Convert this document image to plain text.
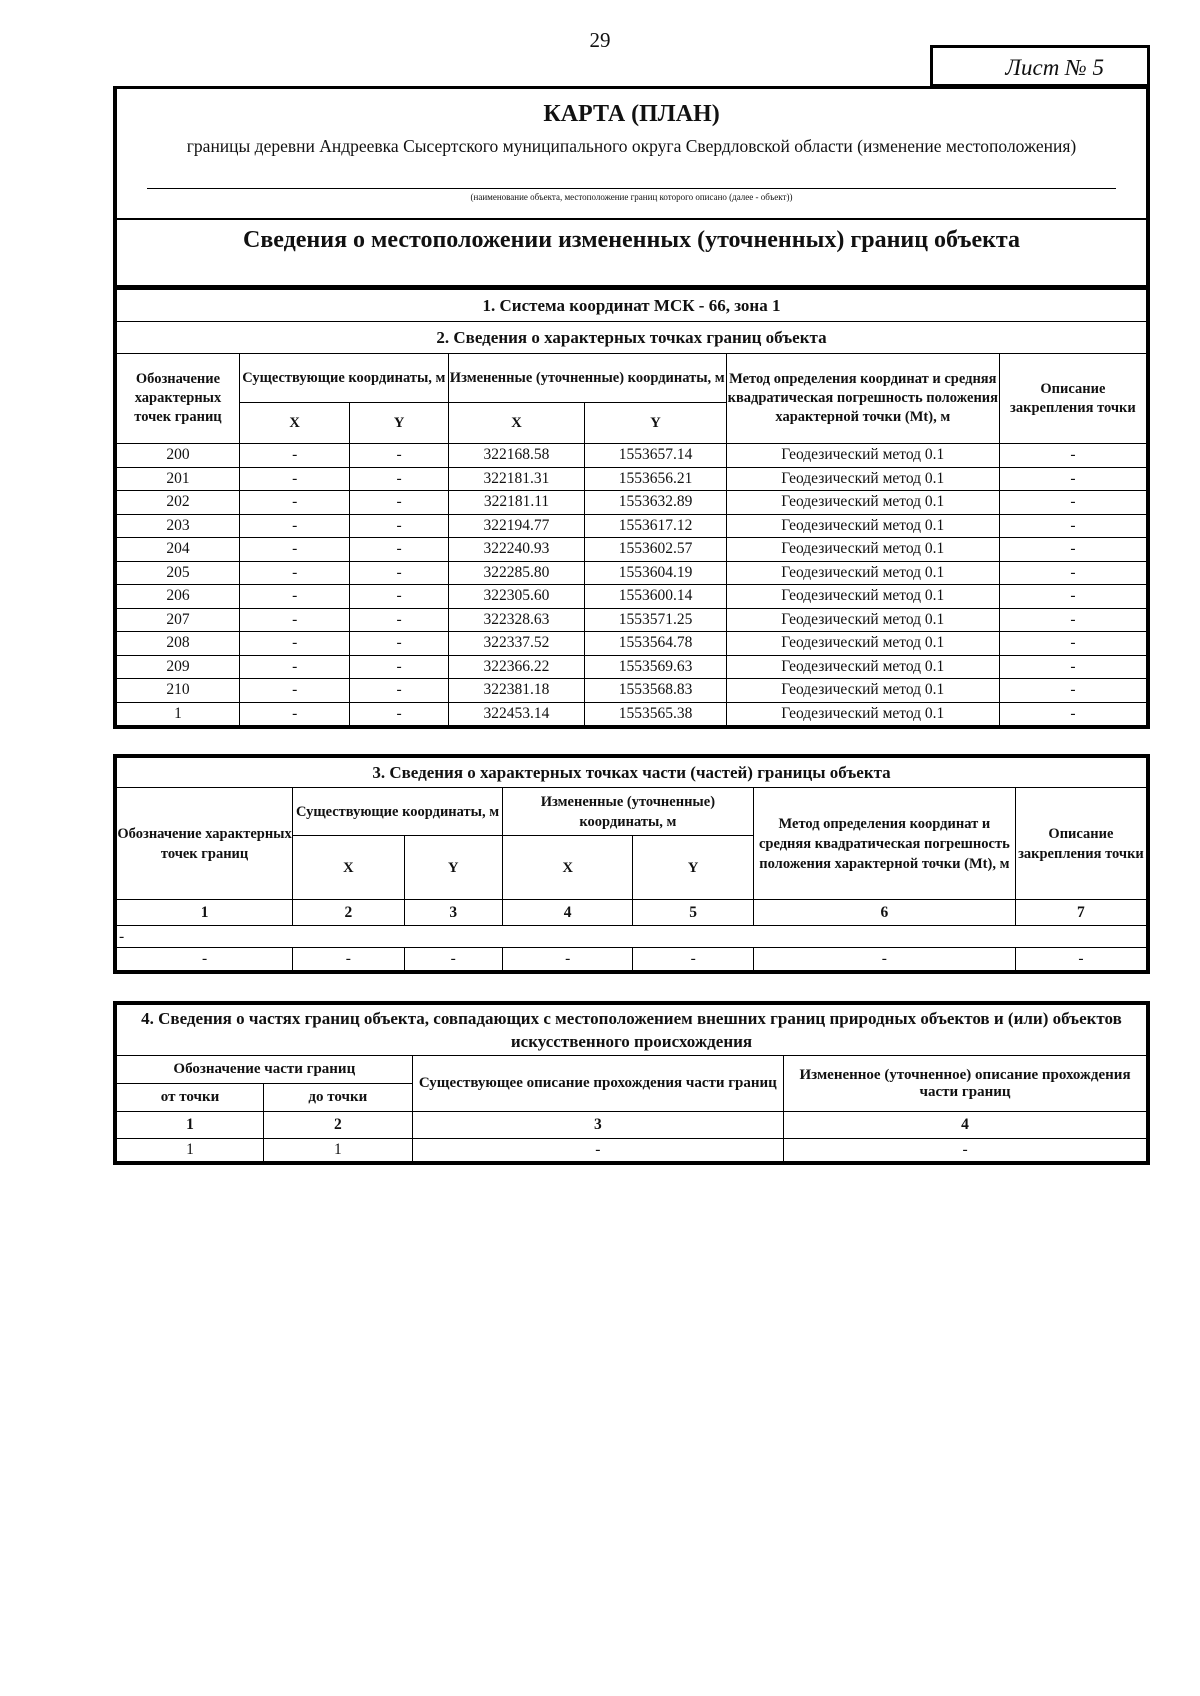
29
Лист № 5
КАРТА (ПЛАН)
границы деревни Андреевка Сысертского муниципального округа Свердловской области (изменение местоположения)
(наименование объекта, местоположение границ которого описано (далее - объект))
Сведения о местоположении измененных (уточненных) границ объекта
1. Система координат МСК - 66, зона 1						
2. Сведения о характерных точках границ объекта						
Обозначение характерных точек границ	Существующие координаты, м		Измененные (уточненные) координаты, м		Метод определения координат и средняя квадратическая погрешность положения характерной точки (Mt), м	Описание закрепления точки
	X	Y	X	Y		
200	-	-	322168.58	1553657.14	Геодезический метод 0.1	-
201	-	-	322181.31	1553656.21	Геодезический метод 0.1	-
202	-	-	322181.11	1553632.89	Геодезический метод 0.1	-
203	-	-	322194.77	1553617.12	Геодезический метод 0.1	-
204	-	-	322240.93	1553602.57	Геодезический метод 0.1	-
205	-	-	322285.80	1553604.19	Геодезический метод 0.1	-
206	-	-	322305.60	1553600.14	Геодезический метод 0.1	-
207	-	-	322328.63	1553571.25	Геодезический метод 0.1	-
208	-	-	322337.52	1553564.78	Геодезический метод 0.1	-
209	-	-	322366.22	1553569.63	Геодезический метод 0.1	-
210	-	-	322381.18	1553568.83	Геодезический метод 0.1	-
1	-	-	322453.14	1553565.38	Геодезический метод 0.1	-
3. Сведения о характерных точках части (частей) границы объекта						
Обозначение характерных точек границ	Существующие координаты, м		Измененные (уточненные) координаты, м		Метод определения координат и средняя квадратическая погрешность положения характерной точки (Mt), м	Описание закрепления точки
	X	Y	X	Y		
1	2	3	4	5	6	7
-						
-	-	-	-	-	-	-
4. Сведения о частях границ объекта, совпадающих с местоположением внешних границ природных объектов и (или) объектов искусственного происхождения			
Обозначение части границ		Существующее описание прохождения части границ	Измененное (уточненное) описание прохождения части границ
от точки	до точки		
1	2	3	4
1	1	-	-
